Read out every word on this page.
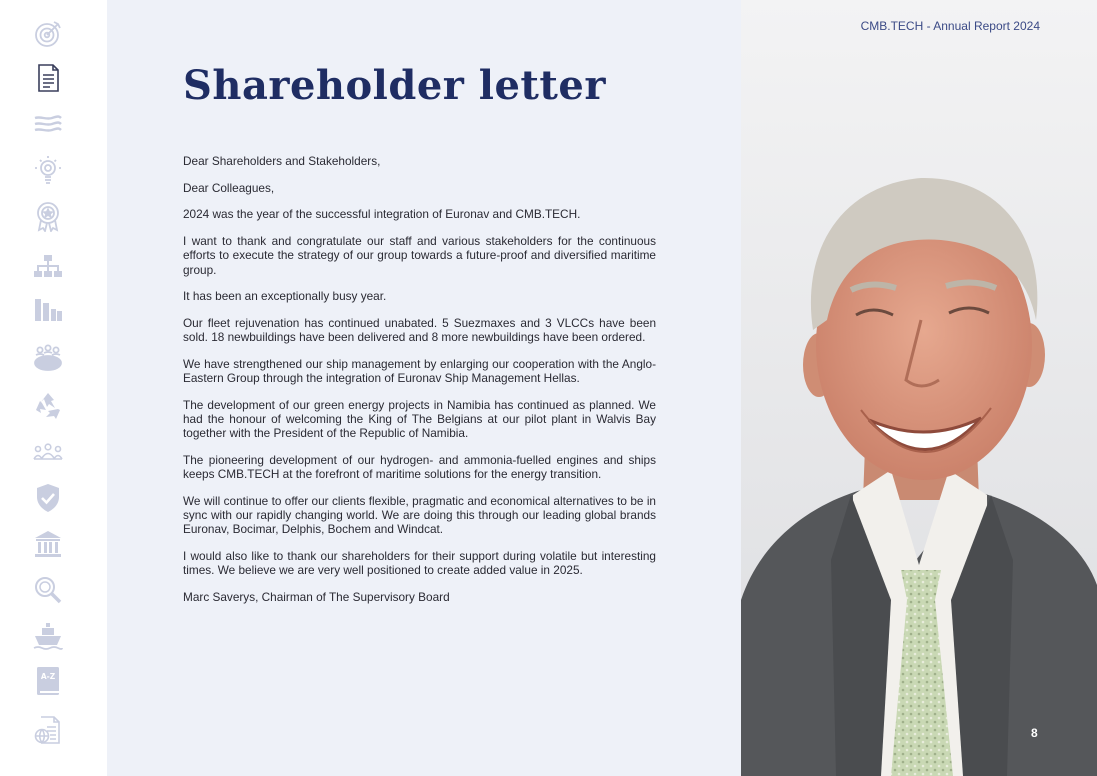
A-Z
Shareholder letter

Dear Shareholders and Stakeholders,

Dear Colleagues,

2024 was the year of the successful integration of Euronav and CMB.TECH.

I want to thank and congratulate our staff and various stakeholders for the continuous efforts to execute the strategy of our group towards a future-proof and diversified maritime group.

It has been an exceptionally busy year.

Our fleet rejuvenation has continued unabated. 5 Suezmaxes and 3 VLCCs have been sold. 18 newbuildings have been delivered and 8 more newbuildings have been ordered.

We have strengthened our ship management by enlarging our cooperation with the Anglo-Eastern Group through the integration of Euronav Ship Management Hellas.

The development of our green energy projects in Namibia has continued as planned. We had the honour of welcoming the King of The Belgians at our pilot plant in Walvis Bay together with the President of the Republic of Namibia.

The pioneering development of our hydrogen- and ammonia-fuelled engines and ships keeps CMB.TECH at the forefront of maritime solutions for the energy transition.

We will continue to offer our clients flexible, pragmatic and economical alternatives to be in sync with our rapidly changing world. We are doing this through our leading global brands Euronav, Bocimar, Delphis, Bochem and Windcat.

I would also like to thank our shareholders for their support during volatile but interesting times. We believe we are very well positioned to create added value in 2025.

Marc Saverys, Chairman of The Supervisory Board

CMB.TECH - Annual Report 2024
8
